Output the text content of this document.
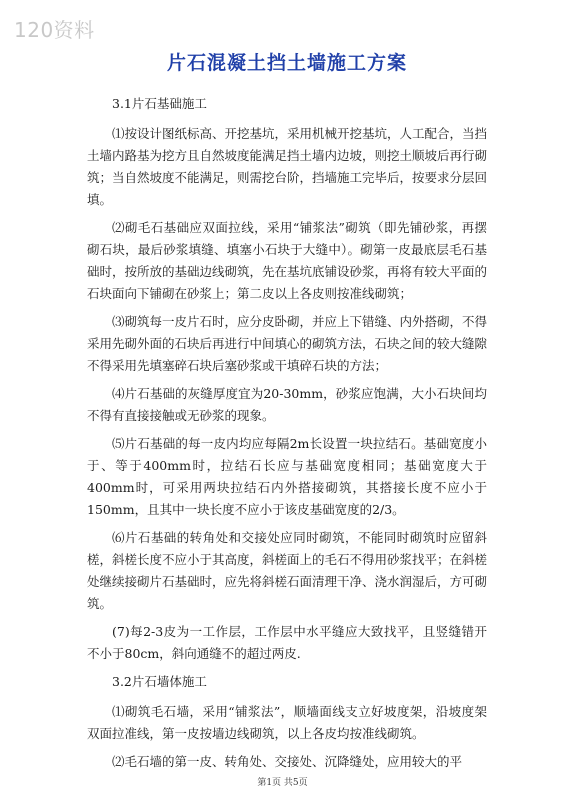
120资料
片石混凝土挡土墙施工方案
3.1片石基础施工

⑴按设计图纸标高、开挖基坑，采用机械开挖基坑，人工配合，当挡土墙内路基为挖方且自然坡度能满足挡土墙内边坡，则挖土顺坡后再行砌筑；当自然坡度不能满足，则需挖台阶，挡墙施工完毕后，按要求分层回填。

⑵砌毛石基础应双面拉线，采用“铺浆法”砌筑（即先铺砂浆，再摆砌石块，最后砂浆填缝、填塞小石块于大缝中）。砌第一皮最底层毛石基础时，按所放的基础边线砌筑，先在基坑底铺设砂浆，再将有较大平面的石块面向下铺砌在砂浆上；第二皮以上各皮则按准线砌筑；

⑶砌筑每一皮片石时，应分皮卧砌，并应上下错缝、内外搭砌，不得采用先砌外面的石块后再进行中间填心的砌筑方法，石块之间的较大缝隙不得采用先填塞碎石块后塞砂浆或干填碎石块的方法；

⑷片石基础的灰缝厚度宜为20-30mm，砂浆应饱满，大小石块间均不得有直接接触或无砂浆的现象。

⑸片石基础的每一皮内均应每隔2m长设置一块拉结石。基础宽度小于、等于400mm时，拉结石长应与基础宽度相同；基础宽度大于400mm时，可采用两块拉结石内外搭接砌筑，其搭接长度不应小于150mm，且其中一块长度不应小于该皮基础宽度的2/3。

⑹片石基础的转角处和交接处应同时砌筑，不能同时砌筑时应留斜槎，斜槎长度不应小于其高度，斜槎面上的毛石不得用砂浆找平；在斜槎处继续接砌片石基础时，应先将斜槎石面清理干净、浇水润湿后，方可砌筑。

(7)每2-3皮为一工作层，工作层中水平缝应大致找平，且竖缝错开不小于80cm，斜向通缝不的超过两皮.

3.2片石墙体施工

⑴砌筑毛石墙，采用“铺浆法”，顺墙面线支立好坡度架，沿坡度架双面拉准线，第一皮按墙边线砌筑，以上各皮均按准线砌筑。

⑵毛石墙的第一皮、转角处、交接处、沉降缝处，应用较大的平

第1页 共5页
